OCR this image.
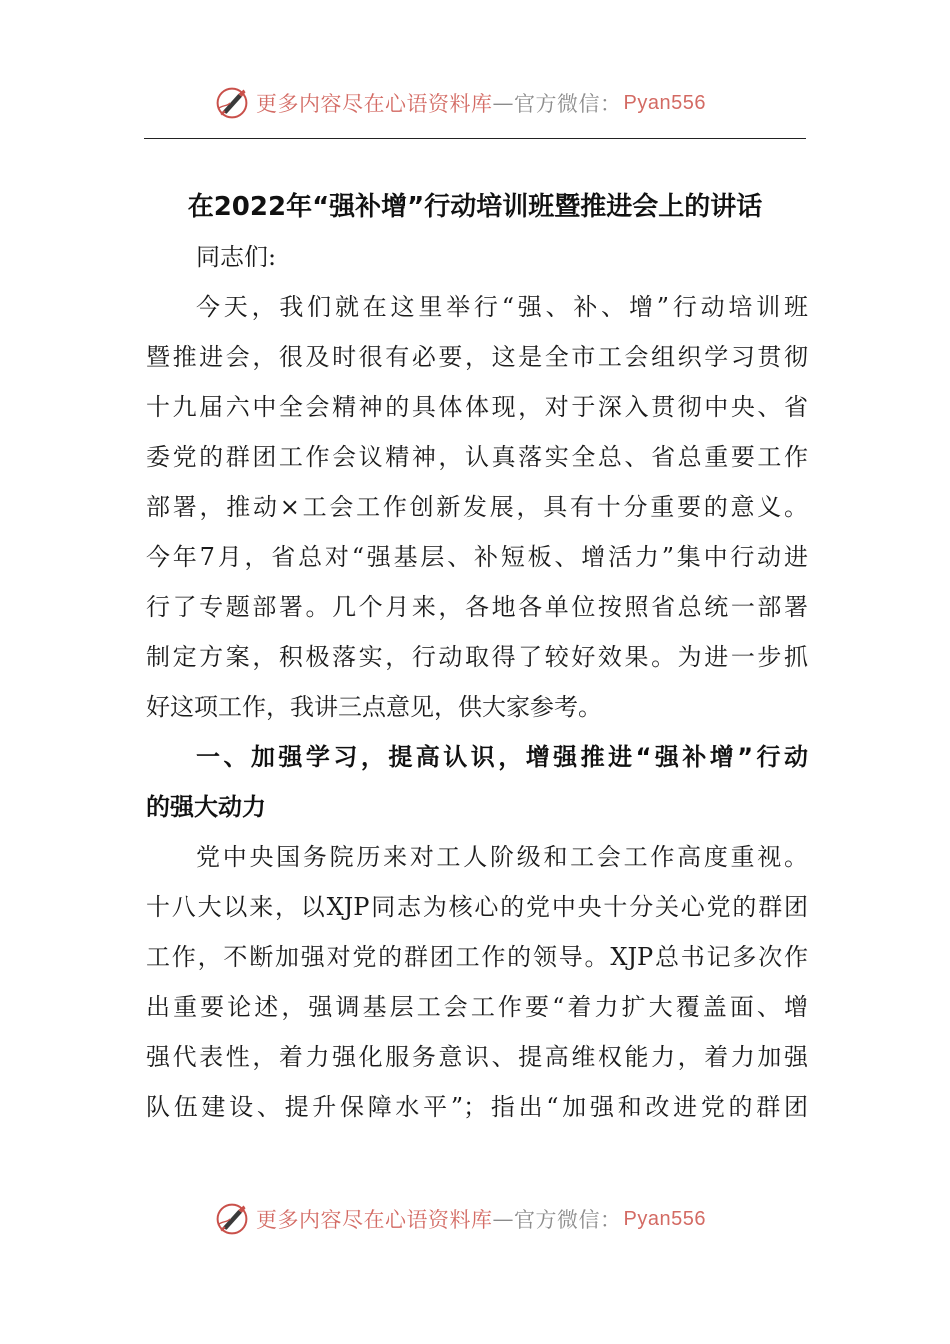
更多内容尽在心语资料库 — 官方微信： Pyan556
在2022年“强补增”行动培训班暨推进会上的讲话
同志们:
今天，我们就在这里举行“强、补、增”行动培训班
暨推进会，很及时很有必要，这是全市工会组织学习贯彻
十九届六中全会精神的具体体现，对于深入贯彻中央、省
委党的群团工作会议精神，认真落实全总、省总重要工作
部署，推动×工会工作创新发展，具有十分重要的意义。
今年7月，省总对“强基层、补短板、增活力”集中行动进
行了专题部署。几个月来，各地各单位按照省总统一部署
制定方案，积极落实，行动取得了较好效果。为进一步抓
好这项工作，我讲三点意见，供大家参考。
一、加强学习，提高认识，增强推进“强补增”行动
的强大动力
党中央国务院历来对工人阶级和工会工作高度重视。
十八大以来，以XJP同志为核心的党中央十分关心党的群团
工作，不断加强对党的群团工作的领导。XJP总书记多次作
出重要论述，强调基层工会工作要“着力扩大覆盖面、增
强代表性，着力强化服务意识、提高维权能力，着力加强
队伍建设、提升保障水平”；指出“加强和改进党的群团
更多内容尽在心语资料库 — 官方微信： Pyan556
